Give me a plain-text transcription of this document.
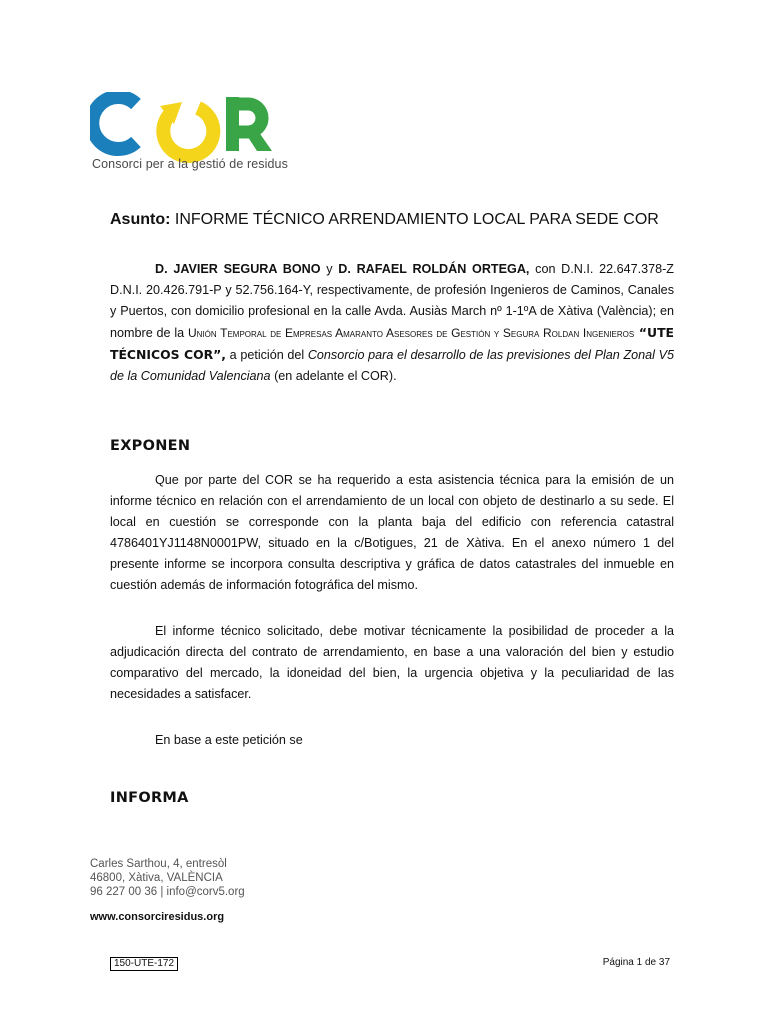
Consorci per a la gestió de residus
Asunto: INFORME TÉCNICO ARRENDAMIENTO LOCAL PARA SEDE COR
D. JAVIER SEGURA BONO y D. RAFAEL ROLDÁN ORTEGA, con D.N.I. 22.647.378-Z D.N.I. 20.426.791-P y 52.756.164-Y, respectivamente, de profesión Ingenieros de Caminos, Canales y Puertos, con domicilio profesional en la calle Avda. Ausiàs March nº 1-1ºA de Xàtiva (València); en nombre de la Unión Temporal de Empresas Amaranto Asesores de Gestión y Segura Roldan Ingenieros “UTE TÉCNICOS COR”, a petición del Consorcio para el desarrollo de las previsiones del Plan Zonal V5 de la Comunidad Valenciana (en adelante el COR).
EXPONEN
Que por parte del COR se ha requerido a esta asistencia técnica para la emisión de un informe técnico en relación con el arrendamiento de un local con objeto de destinarlo a su sede. El local en cuestión se corresponde con la planta baja del edificio con referencia catastral 4786401YJ1148N0001PW, situado en la c/Botigues, 21 de Xàtiva. En el anexo número 1 del presente informe se incorpora consulta descriptiva y gráfica de datos catastrales del inmueble en cuestión además de información fotográfica del mismo.
El informe técnico solicitado, debe motivar técnicamente la posibilidad de proceder a la adjudicación directa del contrato de arrendamiento, en base a una valoración del bien y estudio comparativo del mercado, la idoneidad del bien, la urgencia objetiva y la peculiaridad de las necesidades a satisfacer.
En base a este petición se
INFORMA
Carles Sarthou, 4, entresòl
46800, Xàtiva, VALÈNCIA
96 227 00 36 | info@corv5.org
www.consorciresidus.org
150-UTE-172	Página 1 de 37
